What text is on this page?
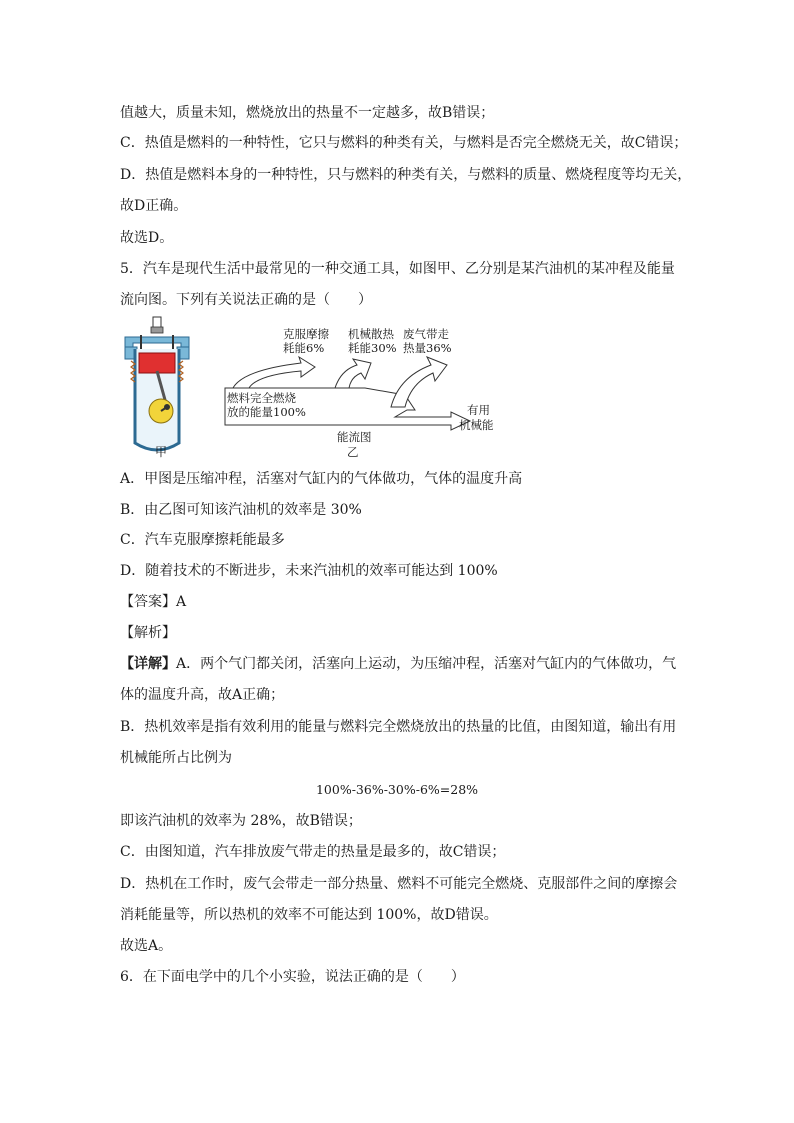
值越大，质量未知，燃烧放出的热量不一定越多，故B错误；

C．热值是燃料的一种特性，它只与燃料的种类有关，与燃料是否完全燃烧无关，故C错误；

D．热值是燃料本身的一种特性，只与燃料的种类有关，与燃料的质量、燃烧程度等均无关，

故D正确。

故选D。

5．汽车是现代生活中最常见的一种交通工具，如图甲、乙分别是某汽油机的某冲程及能量

流向图。下列有关说法正确的是（　　）

甲
克服摩擦
耗能6%
机械散热
耗能30%
废气带走
热量36%
燃料完全燃烧
放的能量100%	有用
机械能
能流图
乙

A．甲图是压缩冲程，活塞对气缸内的气体做功，气体的温度升高

B．由乙图可知该汽油机的效率是 30%

C．汽车克服摩擦耗能最多

D．随着技术的不断进步，未来汽油机的效率可能达到 100%

【答案】A

【解析】

【详解】A．两个气门都关闭，活塞向上运动，为压缩冲程，活塞对气缸内的气体做功，气

体的温度升高，故A正确；

B．热机效率是指有效利用的能量与燃料完全燃烧放出的热量的比值，由图知道，输出有用

机械能所占比例为

100%-36%-30%-6%=28%

即该汽油机的效率为 28%，故B错误；

C．由图知道，汽车排放废气带走的热量是最多的，故C错误；

D．热机在工作时，废气会带走一部分热量、燃料不可能完全燃烧、克服部件之间的摩擦会

消耗能量等，所以热机的效率不可能达到 100%，故D错误。

故选A。

6．在下面电学中的几个小实验，说法正确的是（　　）
